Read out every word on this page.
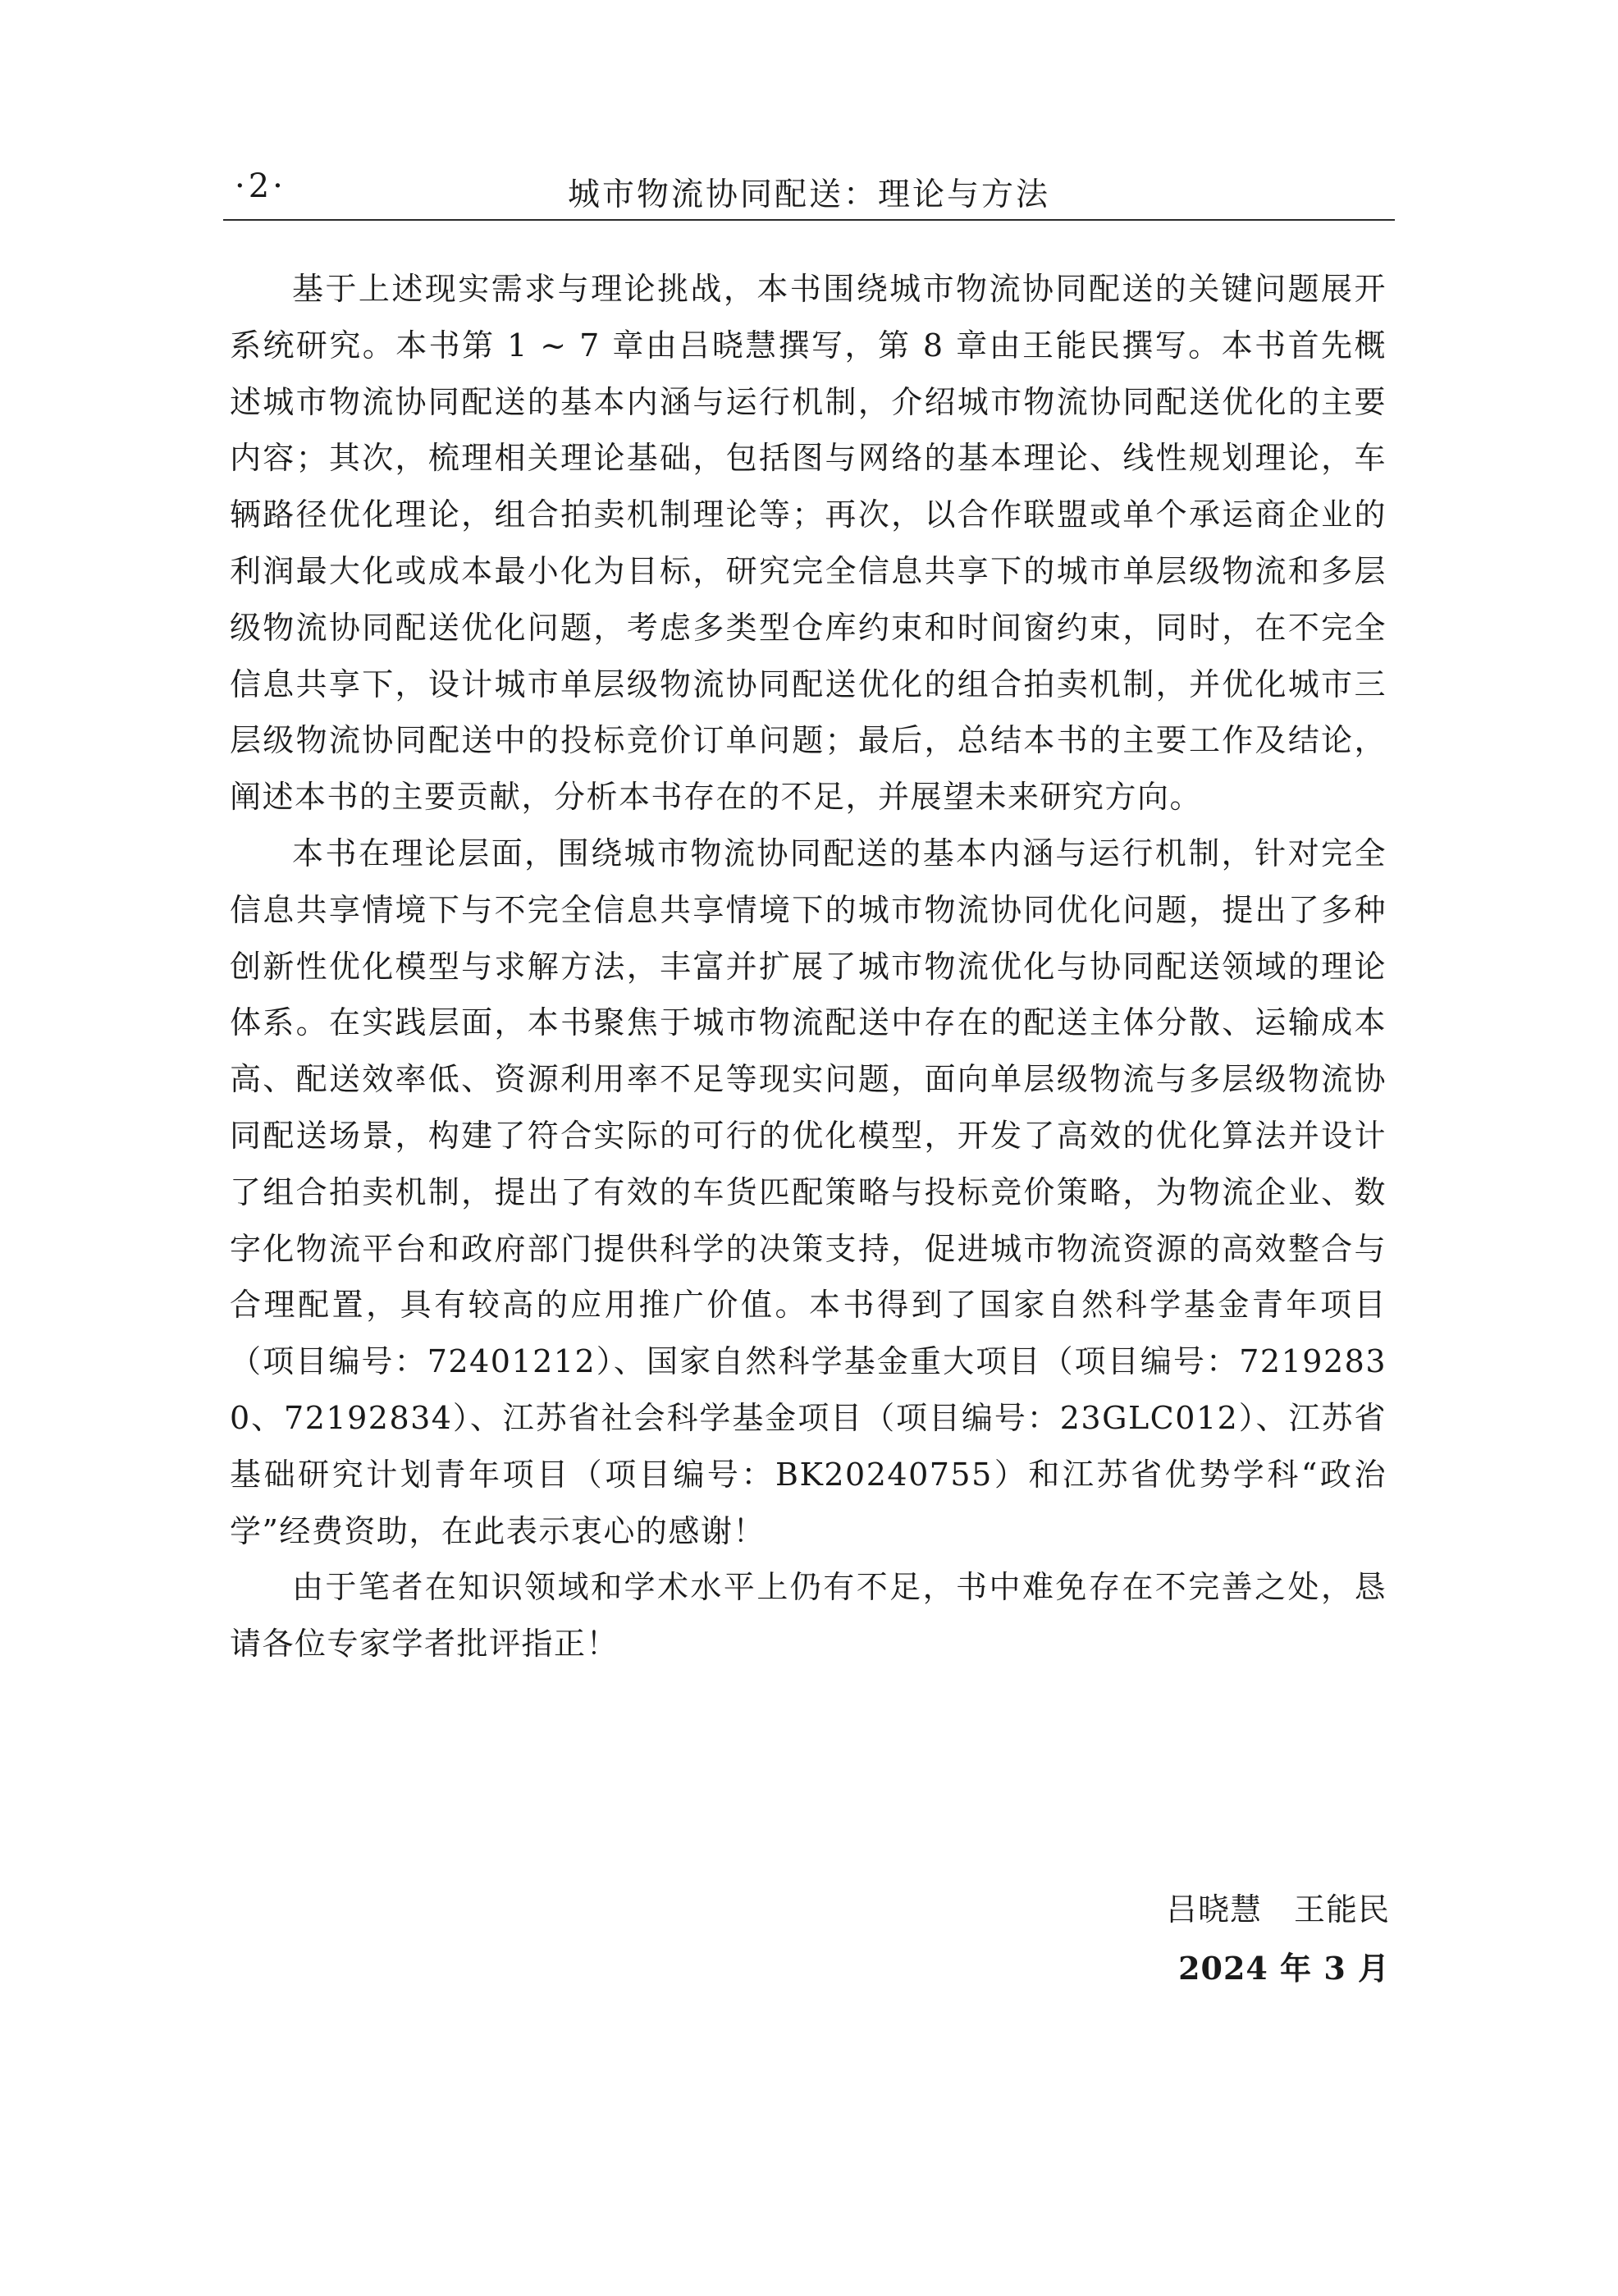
·2·	城市物流协同配送：理论与方法

基于上述现实需求与理论挑战，本书围绕城市物流协同配送的关键问题展开系统研究。本书第 1 ~ 7 章由吕晓慧撰写，第 8 章由王能民撰写。本书首先概述城市物流协同配送的基本内涵与运行机制，介绍城市物流协同配送优化的主要内容；其次，梳理相关理论基础，包括图与网络的基本理论、线性规划理论，车辆路径优化理论，组合拍卖机制理论等；再次，以合作联盟或单个承运商企业的利润最大化或成本最小化为目标，研究完全信息共享下的城市单层级物流和多层级物流协同配送优化问题，考虑多类型仓库约束和时间窗约束，同时，在不完全信息共享下，设计城市单层级物流协同配送优化的组合拍卖机制，并优化城市三层级物流协同配送中的投标竞价订单问题；最后，总结本书的主要工作及结论，阐述本书的主要贡献，分析本书存在的不足，并展望未来研究方向。

本书在理论层面，围绕城市物流协同配送的基本内涵与运行机制，针对完全信息共享情境下与不完全信息共享情境下的城市物流协同优化问题，提出了多种创新性优化模型与求解方法，丰富并扩展了城市物流优化与协同配送领域的理论体系。在实践层面，本书聚焦于城市物流配送中存在的配送主体分散、运输成本高、配送效率低、资源利用率不足等现实问题，面向单层级物流与多层级物流协同配送场景，构建了符合实际的可行的优化模型，开发了高效的优化算法并设计了组合拍卖机制，提出了有效的车货匹配策略与投标竞价策略，为物流企业、数字化物流平台和政府部门提供科学的决策支持，促进城市物流资源的高效整合与合理配置，具有较高的应用推广价值。本书得到了国家自然科学基金青年项目（项目编号：72401212）、国家自然科学基金重大项目（项目编号：72192830、72192834）、江苏省社会科学基金项目（项目编号：23GLC012）、江苏省基础研究计划青年项目（项目编号：BK20240755）和江苏省优势学科“政治学”经费资助，在此表示衷心的感谢！

由于笔者在知识领域和学术水平上仍有不足，书中难免存在不完善之处，恳请各位专家学者批评指正！

吕晓慧　王能民
2024 年 3 月
